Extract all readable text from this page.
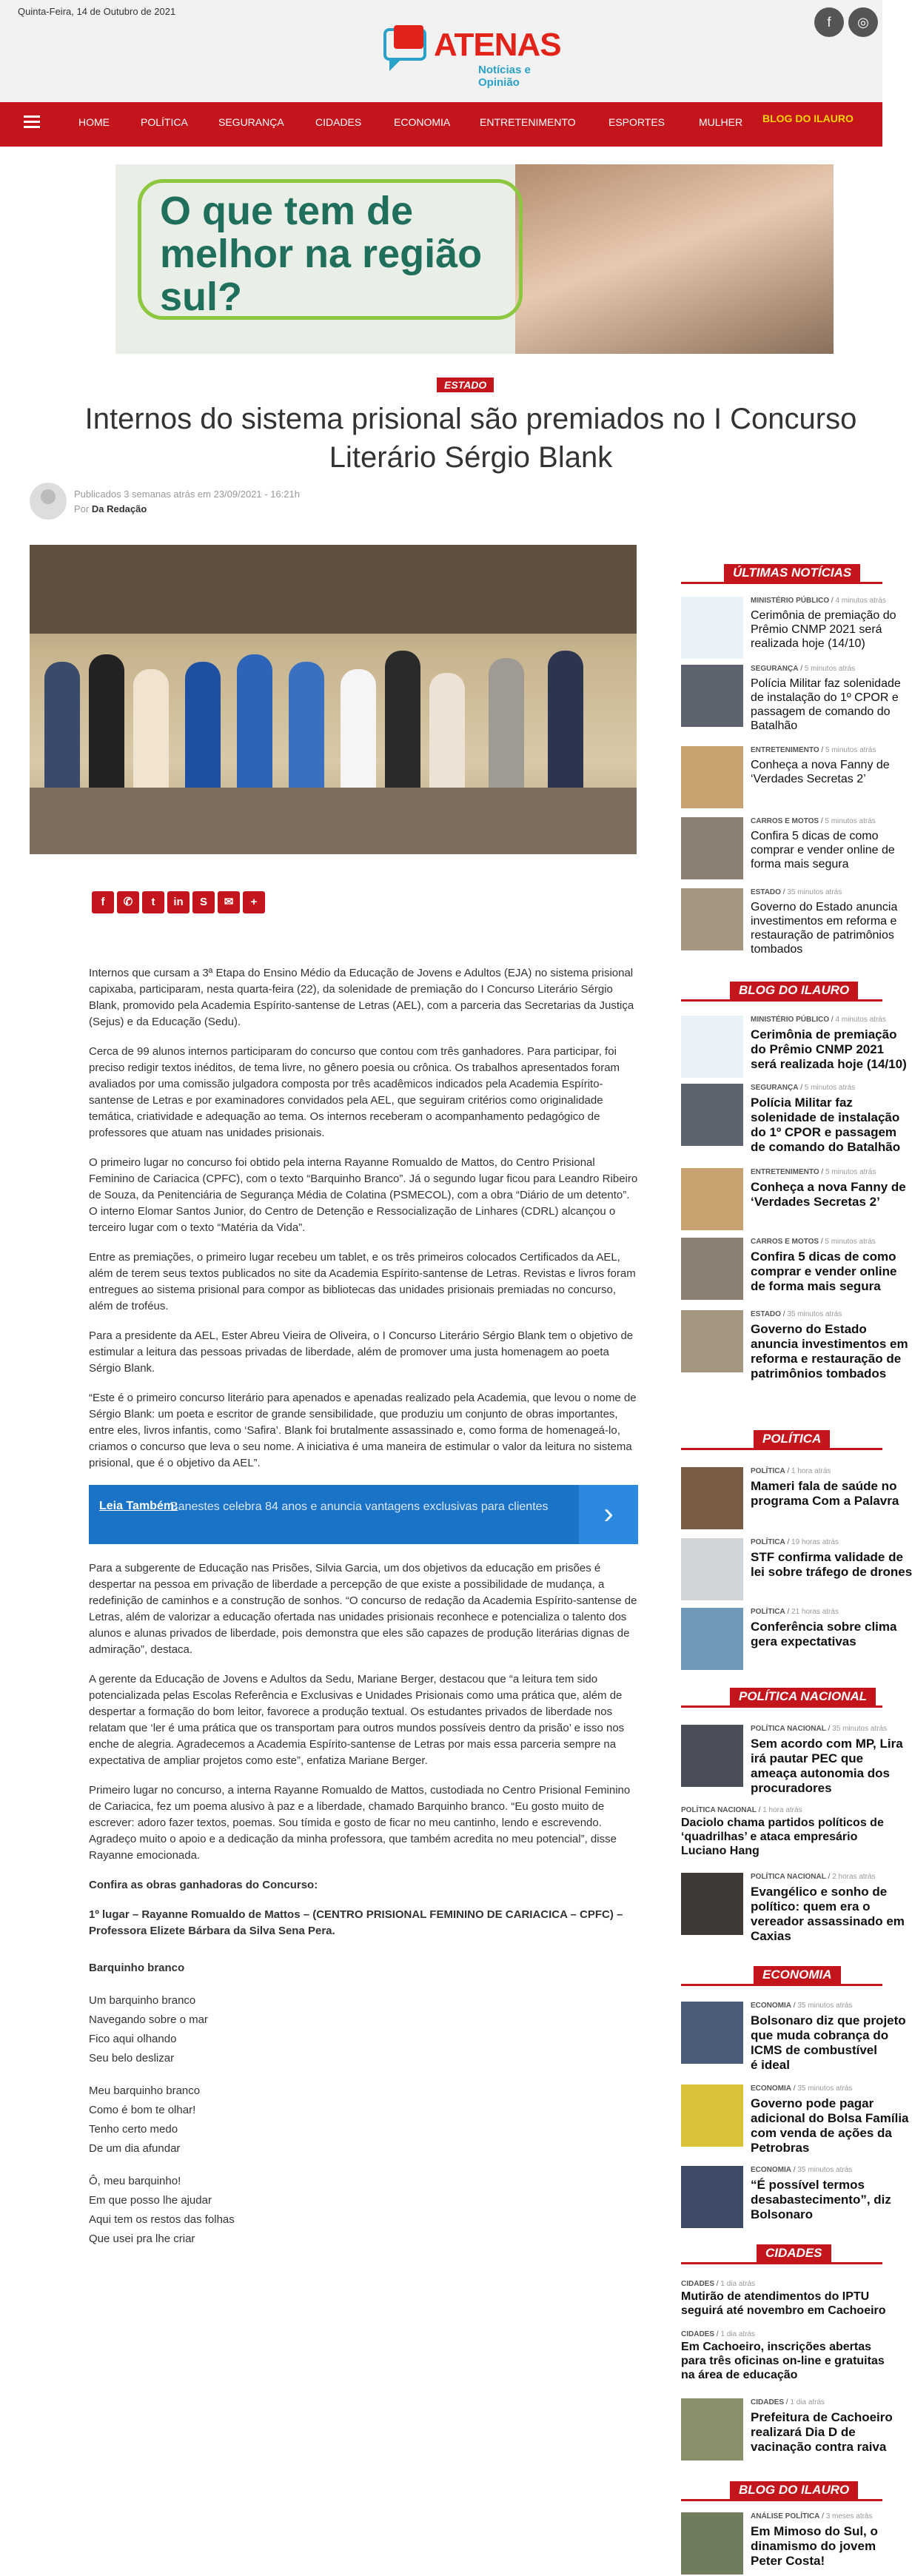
Quinta-Feira, 14 de Outubro de 2021
ATENAS
Notícias e Opinião
f	◎
HOME	POLÍTICA	SEGURANÇA	CIDADES	ECONOMIA	ENTRETENIMENTO	ESPORTES	MULHER BLOG DO ILAURO
O que tem de melhor na região sul?
ESTADO
Internos do sistema prisional são premiados no I Concurso
Literário Sérgio Blank
Publicados 3 semanas atrás em 23/09/2021 - 16:21h
Por Da Redação
f	✆	t	in	S	✉	+

Internos que cursam a 3ª Etapa do Ensino Médio da Educação de Jovens e Adultos (EJA) no sistema prisional capixaba, participaram, nesta quarta-feira (22), da solenidade de premiação do I Concurso Literário Sérgio Blank, promovido pela Academia Espírito-santense de Letras (AEL), com a parceria das Secretarias da Justiça (Sejus) e da Educação (Sedu).

Cerca de 99 alunos internos participaram do concurso que contou com três ganhadores. Para participar, foi preciso redigir textos inéditos, de tema livre, no gênero poesia ou crônica. Os trabalhos apresentados foram avaliados por uma comissão julgadora composta por três acadêmicos indicados pela Academia Espírito-santense de Letras e por examinadores convidados pela AEL, que seguiram critérios como originalidade temática, criatividade e adequação ao tema. Os internos receberam o acompanhamento pedagógico de professores que atuam nas unidades prisionais.

O primeiro lugar no concurso foi obtido pela interna Rayanne Romualdo de Mattos, do Centro Prisional Feminino de Cariacica (CPFC), com o texto “Barquinho Branco”. Já o segundo lugar ficou para Leandro Ribeiro de Souza, da Penitenciária de Segurança Média de Colatina (PSMECOL), com a obra “Diário de um detento”. O interno Elomar Santos Junior, do Centro de Detenção e Ressocialização de Linhares (CDRL) alcançou o terceiro lugar com o texto “Matéria da Vida”.

Entre as premiações, o primeiro lugar recebeu um tablet, e os três primeiros colocados Certificados da AEL, além de terem seus textos publicados no site da Academia Espírito-santense de Letras. Revistas e livros foram entregues ao sistema prisional para compor as bibliotecas das unidades prisionais premiadas no concurso, além de troféus.

Para a presidente da AEL, Ester Abreu Vieira de Oliveira, o I Concurso Literário Sérgio Blank tem o objetivo de estimular a leitura das pessoas privadas de liberdade, além de promover uma justa homenagem ao poeta Sérgio Blank.

“Este é o primeiro concurso literário para apenados e apenadas realizado pela Academia, que levou o nome de Sérgio Blank: um poeta e escritor de grande sensibilidade, que produziu um conjunto de obras importantes, entre eles, livros infantis, como ‘Safira’. Blank foi brutalmente assassinado e, como forma de homenageá-lo, criamos o concurso que leva o seu nome. A iniciativa é uma maneira de estimular o valor da leitura no sistema prisional, que é o objetivo da AEL”.

Banestes celebra 84 anos e anuncia vantagens exclusivas para clientes
Leia Também:	›

Para a subgerente de Educação nas Prisões, Silvia Garcia, um dos objetivos da educação em prisões é despertar na pessoa em privação de liberdade a percepção de que existe a possibilidade de mudança, a redefinição de caminhos e a construção de sonhos. “O concurso de redação da Academia Espírito-santense de Letras, além de valorizar a educação ofertada nas unidades prisionais reconhece e potencializa o talento dos alunos e alunas privados de liberdade, pois demonstra que eles são capazes de produção literárias dignas de admiração”, destaca.

A gerente da Educação de Jovens e Adultos da Sedu, Mariane Berger, destacou que “a leitura tem sido potencializada pelas Escolas Referência e Exclusivas e Unidades Prisionais como uma prática que, além de despertar a formação do bom leitor, favorece a produção textual. Os estudantes privados de liberdade nos relatam que ‘ler é uma prática que os transportam para outros mundos possíveis dentro da prisão’ e isso nos enche de alegria. Agradecemos a Academia Espírito-santense de Letras por mais essa parceria sempre na expectativa de ampliar projetos como este”, enfatiza Mariane Berger.

Primeiro lugar no concurso, a interna Rayanne Romualdo de Mattos, custodiada no Centro Prisional Feminino de Cariacica, fez um poema alusivo à paz e a liberdade, chamado Barquinho branco. “Eu gosto muito de escrever: adoro fazer textos, poemas. Sou tímida e gosto de ficar no meu cantinho, lendo e escrevendo. Agradeço muito o apoio e a dedicação da minha professora, que também acredita no meu potencial”, disse Rayanne emocionada.

Confira as obras ganhadoras do Concurso:

1º lugar – Rayanne Romualdo de Mattos – (CENTRO PRISIONAL FEMININO DE CARIACICA – CPFC) – Professora Elizete Bárbara da Silva Sena Pera.

Barquinho branco

Um barquinho branco
Navegando sobre o mar
Fico aqui olhando
Seu belo deslizar
Meu barquinho branco
Como é bom te olhar!
Tenho certo medo
De um dia afundar
Ô, meu barquinho!
Em que posso lhe ajudar
Aqui tem os restos das folhas
Que usei pra lhe criar
ÚLTIMAS NOTÍCIAS
MINISTÉRIO PÚBLICO / 4 minutos atrás
Cerimônia de premiação do
Prêmio CNMP 2021 será
realizada hoje (14/10)
SEGURANÇA / 5 minutos atrás
Polícia Militar faz solenidade
de instalação do 1º CPOR e
passagem de comando do
Batalhão
ENTRETENIMENTO / 5 minutos atrás
Conheça a nova Fanny de
‘Verdades Secretas 2’
CARROS E MOTOS / 5 minutos atrás
Confira 5 dicas de como
comprar e vender online de
forma mais segura
ESTADO / 35 minutos atrás
Governo do Estado anuncia
investimentos em reforma e
restauração de patrimônios
tombados
BLOG DO ILAURO
MINISTÉRIO PÚBLICO / 4 minutos atrás
Cerimônia de premiação
do Prêmio CNMP 2021
será realizada hoje (14/10)
SEGURANÇA / 5 minutos atrás
Polícia Militar faz
solenidade de instalação
do 1º CPOR e passagem
de comando do Batalhão
ENTRETENIMENTO / 5 minutos atrás
Conheça a nova Fanny de
‘Verdades Secretas 2’
CARROS E MOTOS / 5 minutos atrás
Confira 5 dicas de como
comprar e vender online
de forma mais segura
ESTADO / 35 minutos atrás
Governo do Estado
anuncia investimentos em
reforma e restauração de
patrimônios tombados
POLÍTICA
POLÍTICA / 1 hora atrás
Mameri fala de saúde no
programa Com a Palavra
POLÍTICA / 19 horas atrás
STF confirma validade de
lei sobre tráfego de drones
POLÍTICA / 21 horas atrás
Conferência sobre clima
gera expectativas
POLÍTICA NACIONAL
POLÍTICA NACIONAL / 35 minutos atrás
Sem acordo com MP, Lira
irá pautar PEC que
ameaça autonomia dos
procuradores
POLÍTICA NACIONAL / 1 hora atrás
Daciolo chama partidos políticos de
‘quadrilhas’ e ataca empresário
Luciano Hang
POLÍTICA NACIONAL / 2 horas atrás
Evangélico e sonho de
político: quem era o
vereador assassinado em
Caxias
ECONOMIA
ECONOMIA / 35 minutos atrás
Bolsonaro diz que projeto
que muda cobrança do
ICMS de combustível
é ideal
ECONOMIA / 35 minutos atrás
Governo pode pagar
adicional do Bolsa Família
com venda de ações da
Petrobras
ECONOMIA / 35 minutos atrás
“É possível termos
desabastecimento”, diz
Bolsonaro
CIDADES
CIDADES / 1 dia atrás
Mutirão de atendimentos do IPTU
seguirá até novembro em Cachoeiro
CIDADES / 1 dia atrás
Em Cachoeiro, inscrições abertas
para três oficinas on-line e gratuitas
na área de educação
CIDADES / 1 dia atrás
Prefeitura de Cachoeiro
realizará Dia D de
vacinação contra raiva
BLOG DO ILAURO
ANÁLISE POLÍTICA / 3 meses atrás
Em Mimoso do Sul, o
dinamismo do jovem
Peter Costa!
